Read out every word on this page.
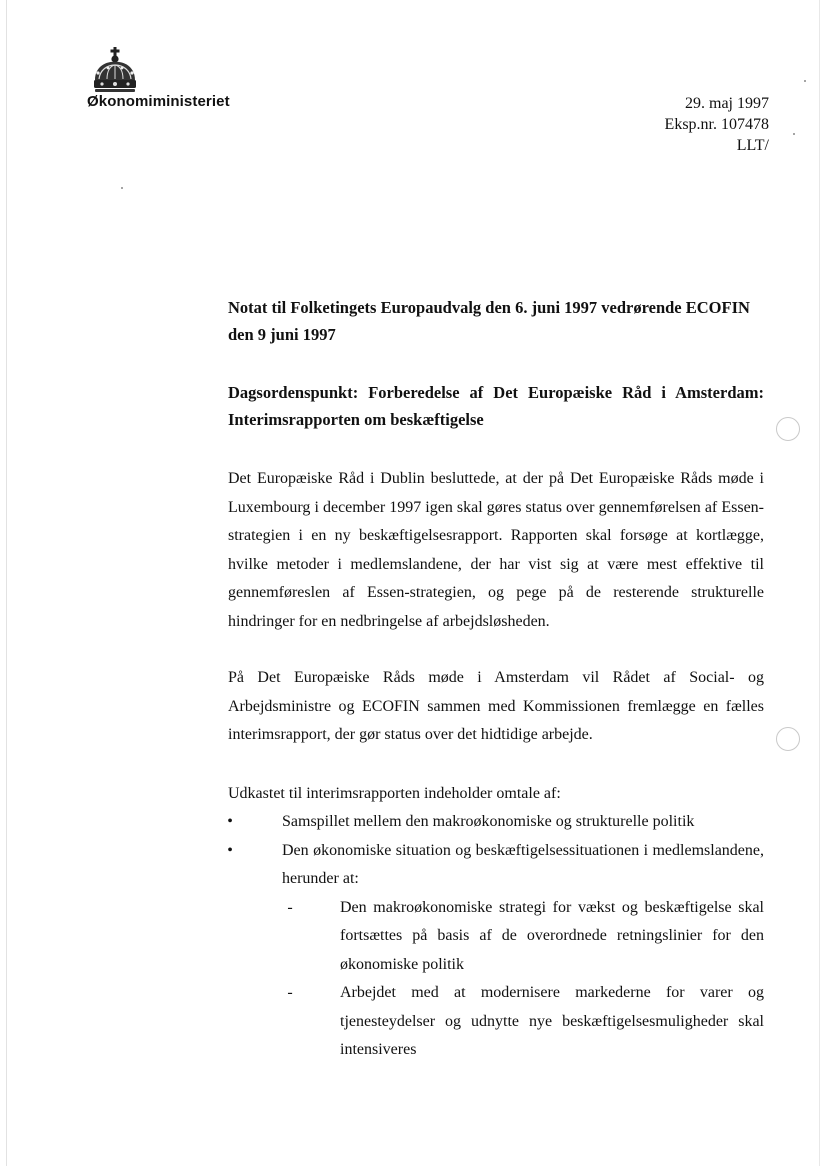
Økonomiministeriet	29. maj 1997
Eksp.nr. 107478
LLT/
Notat til Folketingets Europaudvalg den 6. juni 1997 vedrørende ECOFIN den 9 juni 1997
Dagsordenspunkt: Forberedelse af Det Europæiske Råd i Amsterdam: Interimsrapporten om beskæftigelse

Det Europæiske Råd i Dublin besluttede, at der på Det Europæiske Råds møde i Luxembourg i december 1997 igen skal gøres status over gennemførelsen af Essen-strategien i en ny beskæftigelsesrapport. Rapporten skal forsøge at kortlægge, hvilke metoder i medlemslandene, der har vist sig at være mest effektive til gennemføreslen af Essen-strategien, og pege på de resterende strukturelle hindringer for en nedbringelse af arbejdsløsheden.

På Det Europæiske Råds møde i Amsterdam vil Rådet af Social- og Arbejdsministre og ECOFIN sammen med Kommissionen fremlægge en fælles interimsrapport, der gør status over det hidtidige arbejde.

Udkastet til interimsrapporten indeholder omtale af:

•	Samspillet mellem den makroøkonomiske og strukturelle politik
•	Den økonomiske situation og beskæftigelsessituationen i medlemslandene, herunder at:
-	Den makroøkonomiske strategi for vækst og beskæftigelse skal fortsættes på basis af de overordnede retningslinier for den økonomiske politik
-	Arbejdet med at modernisere markederne for varer og tjenesteydelser og udnytte nye beskæftigelsesmuligheder skal intensiveres
